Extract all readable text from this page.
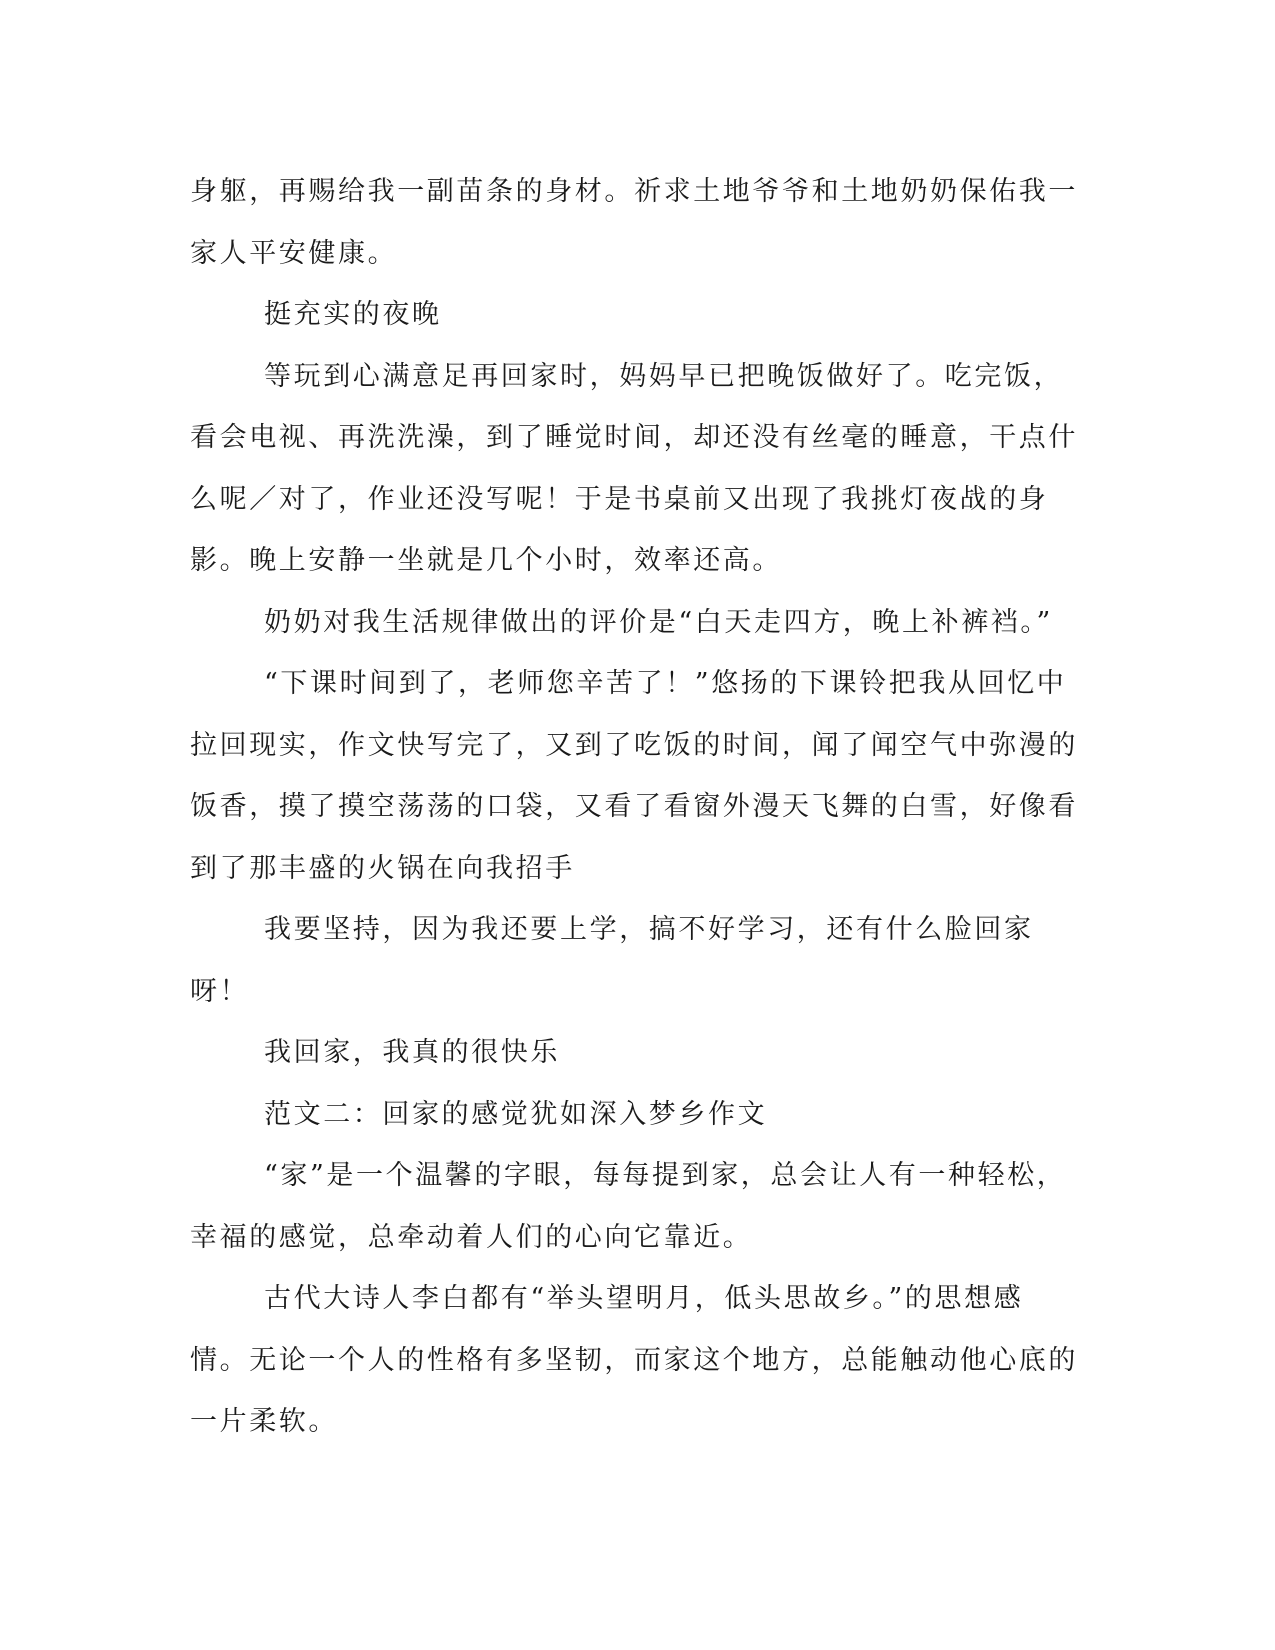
身躯，再赐给我一副苗条的身材。祈求土地爷爷和土地奶奶保佑我一家人平安健康。

挺充实的夜晚

等玩到心满意足再回家时，妈妈早已把晚饭做好了。吃完饭，看会电视、再洗洗澡，到了睡觉时间，却还没有丝毫的睡意，干点什么呢／对了，作业还没写呢！于是书桌前又出现了我挑灯夜战的身影。晚上安静一坐就是几个小时，效率还高。

奶奶对我生活规律做出的评价是“白天走四方，晚上补裤裆。”

“下课时间到了，老师您辛苦了！”悠扬的下课铃把我从回忆中拉回现实，作文快写完了，又到了吃饭的时间，闻了闻空气中弥漫的饭香，摸了摸空荡荡的口袋，又看了看窗外漫天飞舞的白雪，好像看到了那丰盛的火锅在向我招手

我要坚持，因为我还要上学，搞不好学习，还有什么脸回家呀！

我回家，我真的很快乐

范文二：回家的感觉犹如深入梦乡作文

“家”是一个温馨的字眼，每每提到家，总会让人有一种轻松，幸福的感觉，总牵动着人们的心向它靠近。

古代大诗人李白都有“举头望明月，低头思故乡。”的思想感情。无论一个人的性格有多坚韧，而家这个地方，总能触动他心底的一片柔软。
